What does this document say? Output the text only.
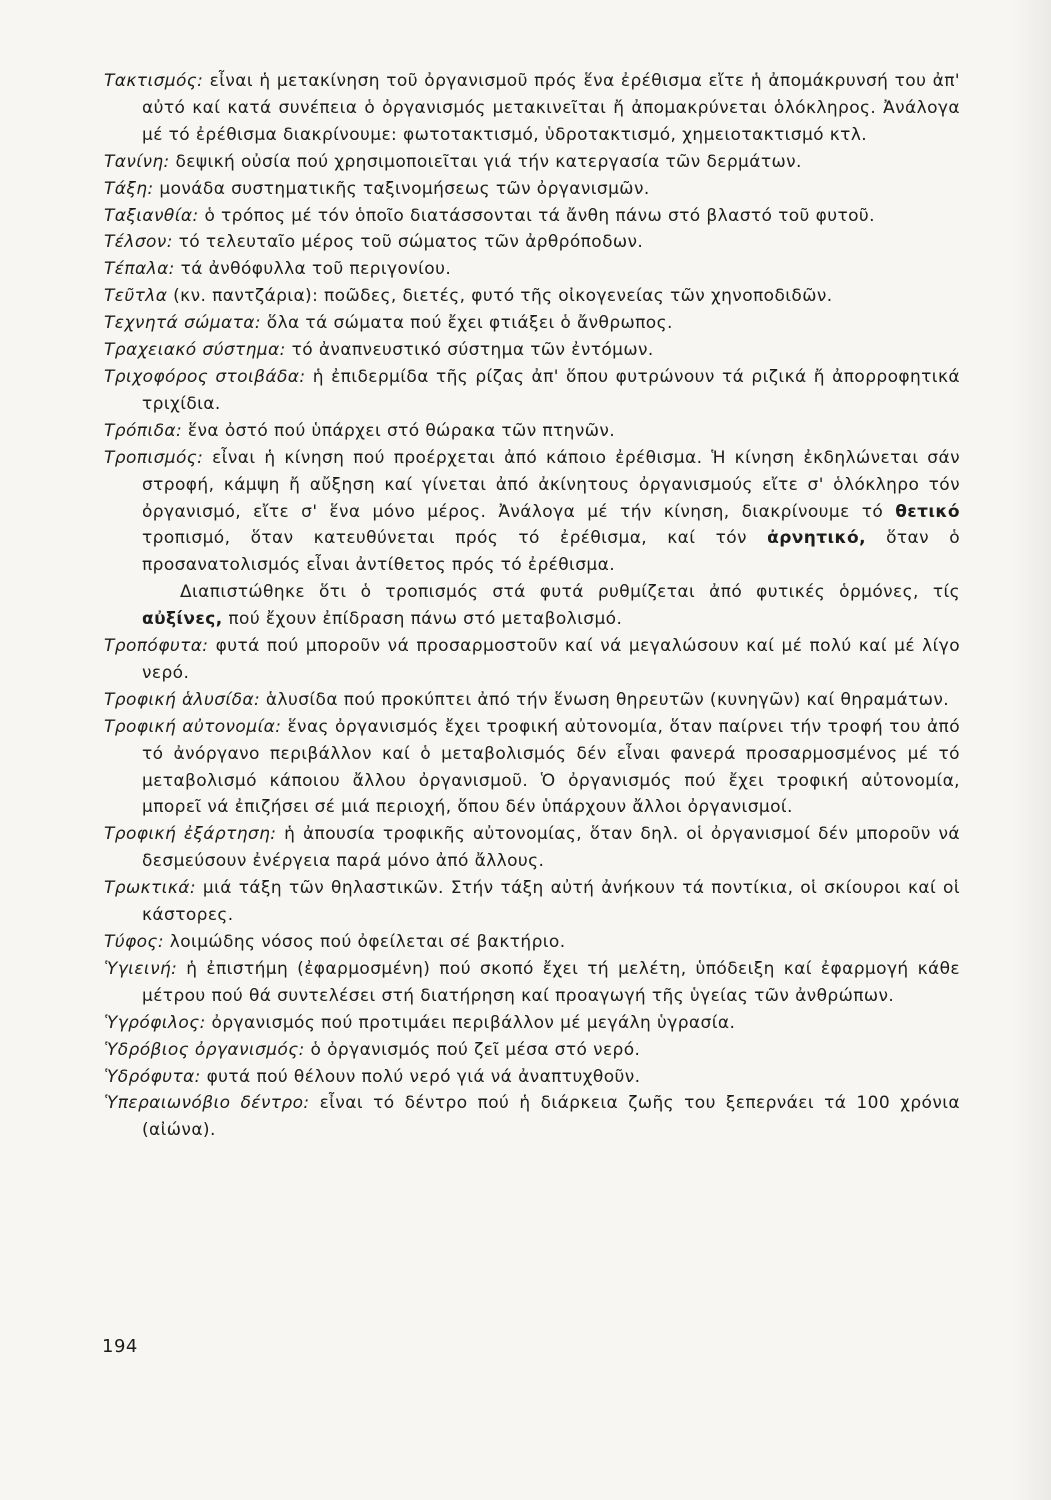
Τακτισμός: εἶναι ἡ μετακίνηση τοῦ ὀργανισμοῦ πρός ἕνα ἐρέθισμα εἴτε ἡ ἀπομάκρυνσή του ἀπ' αὐτό καί κατά συνέπεια ὁ ὀργανισμός μετακινεῖται ἤ ἀπομακρύνεται ὁλόκληρος. Ἀνάλογα μέ τό ἐρέθισμα διακρίνουμε: φωτοτακτισμό, ὑδροτακτισμό, χημειοτακτισμό κτλ.

Τανίνη: δεψική οὐσία πού χρησιμοποιεῖται γιά τήν κατεργασία τῶν δερμάτων.

Τάξη: μονάδα συστηματικῆς ταξινομήσεως τῶν ὀργανισμῶν.

Ταξιανθία: ὁ τρόπος μέ τόν ὁποῖο διατάσσονται τά ἄνθη πάνω στό βλαστό τοῦ φυτοῦ.

Τέλσον: τό τελευταῖο μέρος τοῦ σώματος τῶν ἀρθρόποδων.

Τέπαλα: τά ἀνθόφυλλα τοῦ περιγονίου.

Τεῦτλα (κν. παντζάρια): ποῶδες, διετές, φυτό τῆς οἰκογενείας τῶν χηνοποδιδῶν.

Τεχνητά σώματα: ὅλα τά σώματα πού ἔχει φτιάξει ὁ ἄνθρωπος.

Τραχειακό σύστημα: τό ἀναπνευστικό σύστημα τῶν ἐντόμων.

Τριχοφόρος στοιβάδα: ἡ ἐπιδερμίδα τῆς ρίζας ἀπ' ὅπου φυτρώνουν τά ριζικά ἤ ἀπορροφητικά τριχίδια.

Τρόπιδα: ἕνα ὀστό πού ὑπάρχει στό θώρακα τῶν πτηνῶν.

Τροπισμός: εἶναι ἡ κίνηση πού προέρχεται ἀπό κάποιο ἐρέθισμα. Ἡ κίνηση ἐκδηλώνεται σάν στροφή, κάμψη ἤ αὔξηση καί γίνεται ἀπό ἀκίνητους ὀργανισμούς εἴτε σ' ὁλόκληρο τόν ὀργανισμό, εἴτε σ' ἕνα μόνο μέρος. Ἀνάλογα μέ τήν κίνηση, διακρίνουμε τό θετικό τροπισμό, ὅταν κατευθύνεται πρός τό ἐρέθισμα, καί τόν ἀρνητικό, ὅταν ὁ προσανατολισμός εἶναι ἀντίθετος πρός τό ἐρέθισμα.

Διαπιστώθηκε ὅτι ὁ τροπισμός στά φυτά ρυθμίζεται ἀπό φυτικές ὁρμόνες, τίς αὐξίνες, πού ἔχουν ἐπίδραση πάνω στό μεταβολισμό.

Τροπόφυτα: φυτά πού μποροῦν νά προσαρμοστοῦν καί νά μεγαλώσουν καί μέ πολύ καί μέ λίγο νερό.

Τροφική ἁλυσίδα: ἁλυσίδα πού προκύπτει ἀπό τήν ἕνωση θηρευτῶν (κυνηγῶν) καί θηραμάτων.

Τροφική αὐτονομία: ἕνας ὀργανισμός ἔχει τροφική αὐτονομία, ὅταν παίρνει τήν τροφή του ἀπό τό ἀνόργανο περιβάλλον καί ὁ μεταβολισμός δέν εἶναι φανερά προσαρμοσμένος μέ τό μεταβολισμό κάποιου ἄλλου ὀργανισμοῦ. Ὁ ὀργανισμός πού ἔχει τροφική αὐτονομία, μπορεῖ νά ἐπιζήσει σέ μιά περιοχή, ὅπου δέν ὑπάρχουν ἄλλοι ὀργανισμοί.

Τροφική ἐξάρτηση: ἡ ἀπουσία τροφικῆς αὐτονομίας, ὅταν δηλ. οἱ ὀργανισμοί δέν μποροῦν νά δεσμεύσουν ἐνέργεια παρά μόνο ἀπό ἄλλους.

Τρωκτικά: μιά τάξη τῶν θηλαστικῶν. Στήν τάξη αὐτή ἀνήκουν τά ποντίκια, οἱ σκίουροι καί οἱ κάστορες.

Τύφος: λοιμώδης νόσος πού ὀφείλεται σέ βακτήριο.

Ὑγιεινή: ἡ ἐπιστήμη (ἐφαρμοσμένη) πού σκοπό ἔχει τή μελέτη, ὑπόδειξη καί ἐφαρμογή κάθε μέτρου πού θά συντελέσει στή διατήρηση καί προαγωγή τῆς ὑγείας τῶν ἀνθρώπων.

Ὑγρόφιλος: ὀργανισμός πού προτιμάει περιβάλλον μέ μεγάλη ὑγρασία.

Ὑδρόβιος ὀργανισμός: ὁ ὀργανισμός πού ζεῖ μέσα στό νερό.

Ὑδρόφυτα: φυτά πού θέλουν πολύ νερό γιά νά ἀναπτυχθοῦν.

Ὑπεραιωνόβιο δέντρο: εἶναι τό δέντρο πού ἡ διάρκεια ζωῆς του ξεπερνάει τά 100 χρόνια (αἰώνα).

194
